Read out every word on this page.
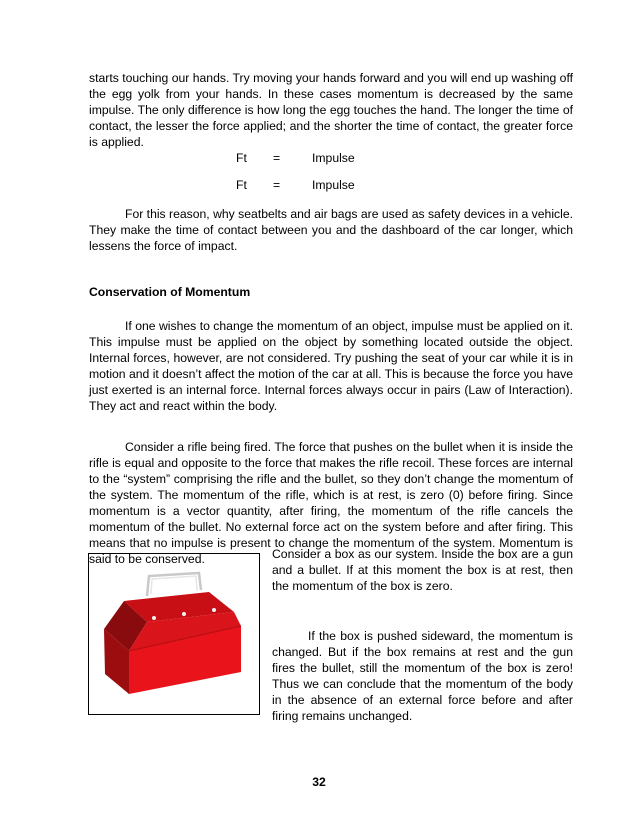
starts touching our hands. Try moving your hands forward and you will end up washing off the egg yolk from your hands. In these cases momentum is decreased by the same impulse. The only difference is how long the egg touches the hand. The longer the time of contact, the lesser the force applied; and the shorter the time of contact, the greater force is applied.

Ft =	Impulse
Ft =	Impulse

For this reason, why seatbelts and air bags are used as safety devices in a vehicle. They make the time of contact between you and the dashboard of the car longer, which lessens the force of impact.

Conservation of Momentum

If one wishes to change the momentum of an object, impulse must be applied on it. This impulse must be applied on the object by something located outside the object. Internal forces, however, are not considered. Try pushing the seat of your car while it is in motion and it doesn’t affect the motion of the car at all. This is because the force you have just exerted is an internal force. Internal forces always occur in pairs (Law of Interaction). They act and react within the body.

Consider a rifle being fired. The force that pushes on the bullet when it is inside the rifle is equal and opposite to the force that makes the rifle recoil. These forces are internal to the “system” comprising the rifle and the bullet, so they don’t change the momentum of the system. The momentum of the rifle, which is at rest, is zero (0) before firing. Since momentum is a vector quantity, after firing, the momentum of the rifle cancels the momentum of the bullet. No external force act on the system before and after firing. This means that no impulse is present to change the momentum of the system. Momentum is said to be conserved.	Consider a box as our system. Inside the box are a gun and a bullet. If at this moment the box is at rest, then the momentum of the box is zero.

If the box is pushed sideward, the momentum is changed. But if the box remains at rest and the gun fires the bullet, still the momentum of the box is zero! Thus we can conclude that the momentum of the body in the absence of an external force before and after firing remains unchanged.

32
